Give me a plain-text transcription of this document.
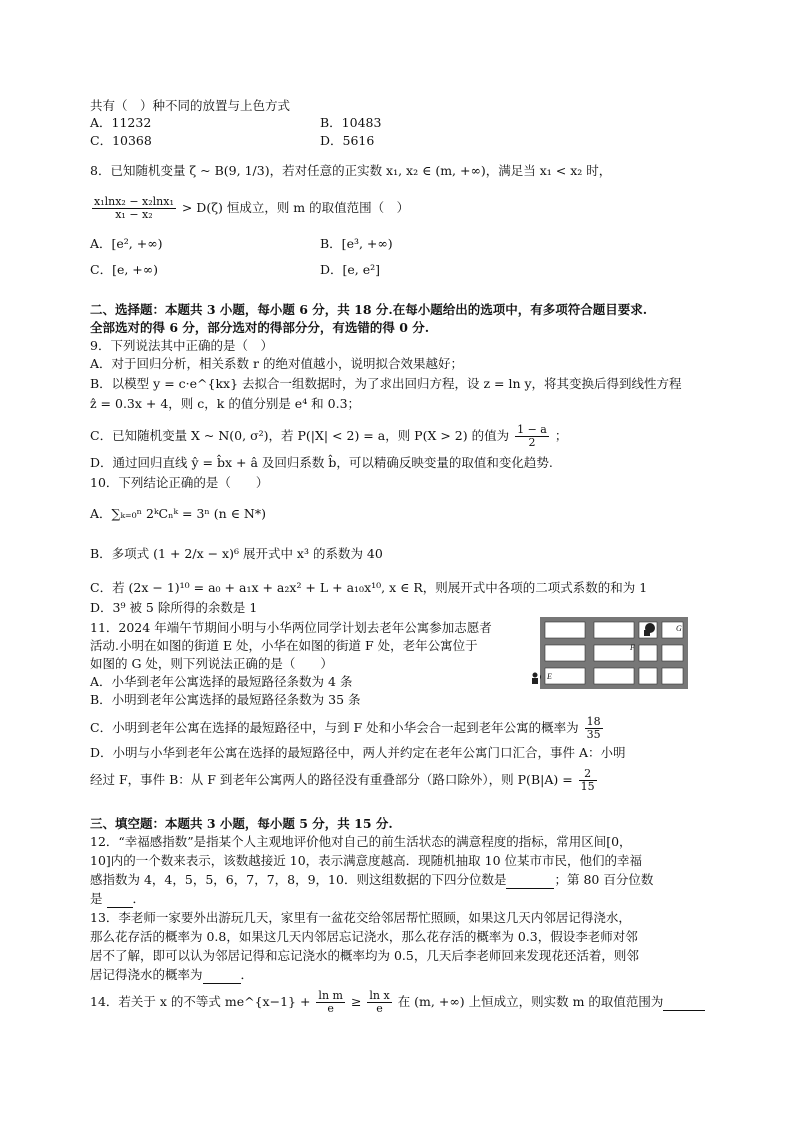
共有（　）种不同的放置与上色方式
A．11232	B．10483
C．10368	D．5616
8．已知随机变量 ζ ~ B(9, 1/3)，若对任意的正实数 x₁, x₂ ∈ (m, +∞)，满足当 x₁ < x₂ 时，
$\frac{\text{x₁lnx₂ − x₂lnx₁}}{\text{x₁ − x₂}} > D(\zeta)$ 恒成立，则 m 的取值范围（　）
A．[e², +∞)	B．[e³, +∞)
C．[e, +∞)	D．[e, e²]
二、选择题：本题共 3 小题，每小题 6 分，共 18 分.在每小题给出的选项中，有多项符合题目要求.
全部选对的得 6 分，部分选对的得部分分，有选错的得 0 分.
9．下列说法其中正确的是（　）
A．对于回归分析，相关系数 r 的绝对值越小，说明拟合效果越好；
B．以模型 y = c·e^{kx} 去拟合一组数据时，为了求出回归方程，设 z = ln y，将其变换后得到线性方程
ẑ = 0.3x + 4，则 c，k 的值分别是 e⁴ 和 0.3；
C．已知随机变量 X ~ N(0, σ²)，若 P(|X| < 2) = a，则 P(X > 2) 的值为 $\frac{1 - a}{2}$ ；
D．通过回归直线 ŷ = b̂x + â 及回归系数 b̂，可以精确反映变量的取值和变化趋势.
10．下列结论正确的是（　　）
A．∑ₖ₌₀ⁿ 2ᵏCₙᵏ = 3ⁿ (n ∈ N*)
B．多项式 (1 + 2/x − x)⁶ 展开式中 x³ 的系数为 40
C．若 (2x − 1)¹⁰ = a₀ + a₁x + a₂x² + L + a₁₀x¹⁰, x ∈ R，则展开式中各项的二项式系数的和为 1
D．3⁹ 被 5 除所得的余数是 1
11．2024 年端午节期间小明与小华两位同学计划去老年公寓参加志愿者
活动.小明在如图的街道 E 处，小华在如图的街道 F 处，老年公寓位于
如图的 G 处，则下列说法正确的是（　　）
A．小华到老年公寓选择的最短路径条数为 4 条
B．小明到老年公寓选择的最短路径条数为 35 条
C．小明到老年公寓在选择的最短路径中，与到 F 处和小华会合一起到老年公寓的概率为 $\frac{18}{35}$
D．小明与小华到老年公寓在选择的最短路径中，两人并约定在老年公寓门口汇合，事件 A：小明
经过 F，事件 B：从 F 到老年公寓两人的路径没有重叠部分（路口除外），则 $P(B|A) = \frac{2}{15}$
G
F
E
三、填空题：本题共 3 小题，每小题 5 分，共 15 分.
12．“幸福感指数”是指某个人主观地评价他对自己的前生活状态的满意程度的指标，常用区间[0，
10]内的一个数来表示，该数越接近 10，表示满意度越高．现随机抽取 10 位某市市民，他们的幸福
感指数为 4，4，5，5，6，7，7，8，9，10．则这组数据的下四分位数是	；第 80 百分位数
是 ．
13．李老师一家要外出游玩几天，家里有一盆花交给邻居帮忙照顾，如果这几天内邻居记得浇水，
那么花存活的概率为 0.8，如果这几天内邻居忘记浇水，那么花存活的概率为 0.3，假设李老师对邻
居不了解，即可以认为邻居记得和忘记浇水的概率均为 0.5，几天后李老师回来发现花还活着，则邻
居记得浇水的概率为	．
14．若关于 x 的不等式 me^{x−1} + $\frac{\text{ln m}}{e} \ge \frac{\text{ln x}}{e}$ 在 (m, +∞) 上恒成立，则实数 m 的取值范围为
